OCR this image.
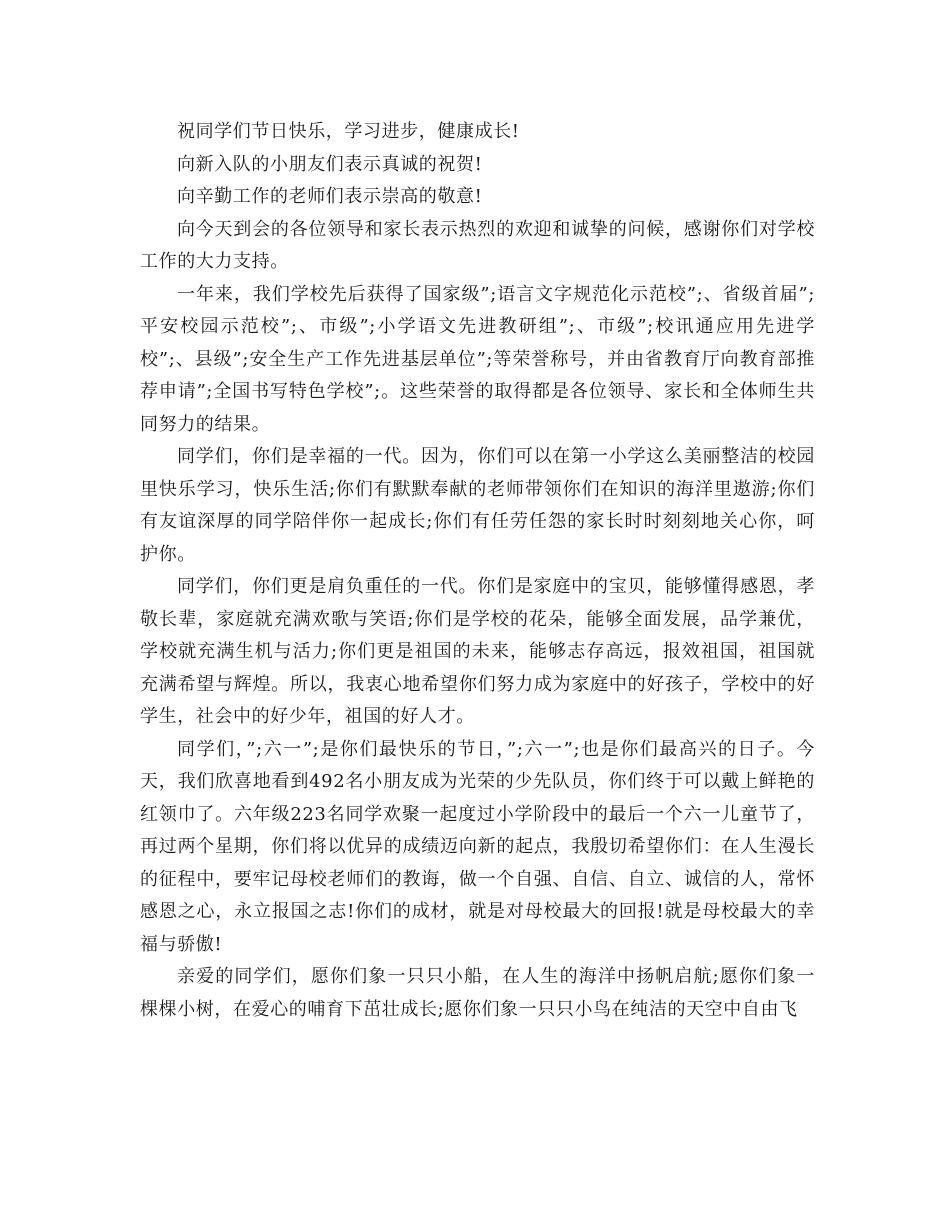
祝同学们节日快乐，学习进步，健康成长!

向新入队的小朋友们表示真诚的祝贺!

向辛勤工作的老师们表示崇高的敬意!

向今天到会的各位领导和家长表示热烈的欢迎和诚挚的问候，感谢你们对学校工作的大力支持。

一年来，我们学校先后获得了国家级”;语言文字规范化示范校”;、省级首届”;平安校园示范校”;、市级”;小学语文先进教研组”;、市级”;校讯通应用先进学校”;、县级”;安全生产工作先进基层单位”;等荣誉称号，并由省教育厅向教育部推荐申请”;全国书写特色学校”;。这些荣誉的取得都是各位领导、家长和全体师生共同努力的结果。

同学们，你们是幸福的一代。因为，你们可以在第一小学这么美丽整洁的校园里快乐学习，快乐生活;你们有默默奉献的老师带领你们在知识的海洋里遨游;你们有友谊深厚的同学陪伴你一起成长;你们有任劳任怨的家长时时刻刻地关心你，呵护你。

同学们，你们更是肩负重任的一代。你们是家庭中的宝贝，能够懂得感恩，孝敬长辈，家庭就充满欢歌与笑语;你们是学校的花朵，能够全面发展，品学兼优，学校就充满生机与活力;你们更是祖国的未来，能够志存高远，报效祖国，祖国就充满希望与辉煌。所以，我衷心地希望你们努力成为家庭中的好孩子，学校中的好学生，社会中的好少年，祖国的好人才。

同学们，”;六一”;是你们最快乐的节日，”;六一”;也是你们最高兴的日子。今天，我们欣喜地看到492名小朋友成为光荣的少先队员，你们终于可以戴上鲜艳的红领巾了。六年级223名同学欢聚一起度过小学阶段中的最后一个六一儿童节了，再过两个星期，你们将以优异的成绩迈向新的起点，我殷切希望你们：在人生漫长的征程中，要牢记母校老师们的教诲，做一个自强、自信、自立、诚信的人，常怀感恩之心，永立报国之志!你们的成材，就是对母校最大的回报!就是母校最大的幸福与骄傲!

亲爱的同学们，愿你们象一只只小船，在人生的海洋中扬帆启航;愿你们象一棵棵小树，在爱心的哺育下茁壮成长;愿你们象一只只小鸟在纯洁的天空中自由飞
